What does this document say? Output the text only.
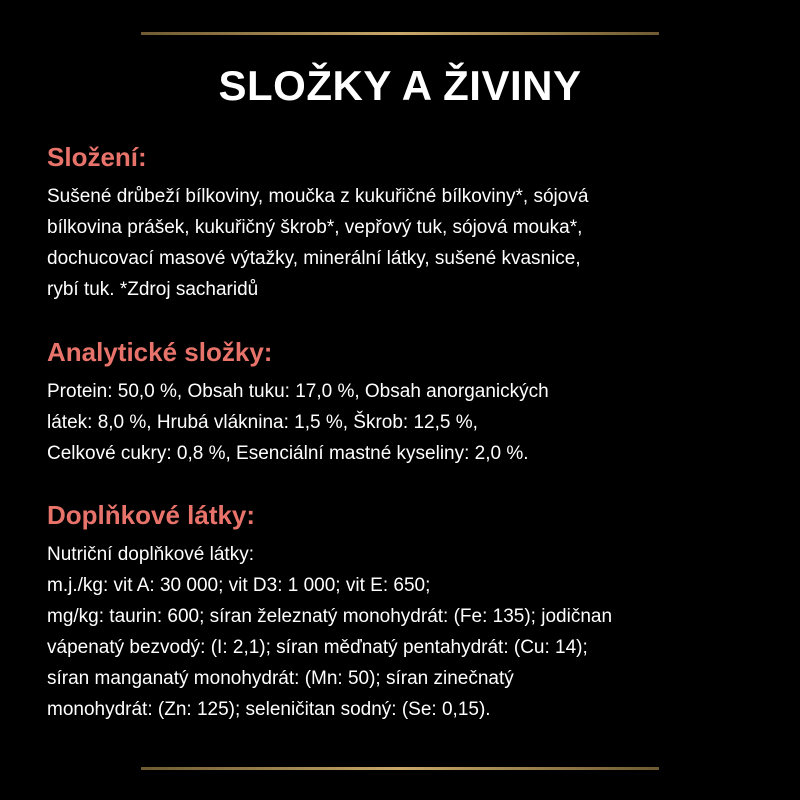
SLOŽKY A ŽIVINY
Složení:

Sušené drůbeží bílkoviny, moučka z kukuřičné bílkoviny*, sójová
bílkovina prášek, kukuřičný škrob*, vepřový tuk, sójová mouka*,
dochucovací masové výtažky, minerální látky, sušené kvasnice,
rybí tuk. *Zdroj sacharidů

Analytické složky:

Protein: 50,0 %, Obsah tuku: 17,0 %, Obsah anorganických
látek: 8,0 %, Hrubá vláknina: 1,5 %, Škrob: 12,5 %,
Celkové cukry: 0,8 %, Esenciální mastné kyseliny: 2,0 %.

Doplňkové látky:

Nutriční doplňkové látky:
m.j./kg: vit A: 30 000; vit D3: 1 000; vit E: 650;
mg/kg: taurin: 600; síran železnatý monohydrát: (Fe: 135); jodičnan
vápenatý bezvodý: (I: 2,1); síran měďnatý pentahydrát: (Cu: 14);
síran manganatý monohydrát: (Mn: 50); síran zinečnatý
monohydrát: (Zn: 125); seleničitan sodný: (Se: 0,15).
